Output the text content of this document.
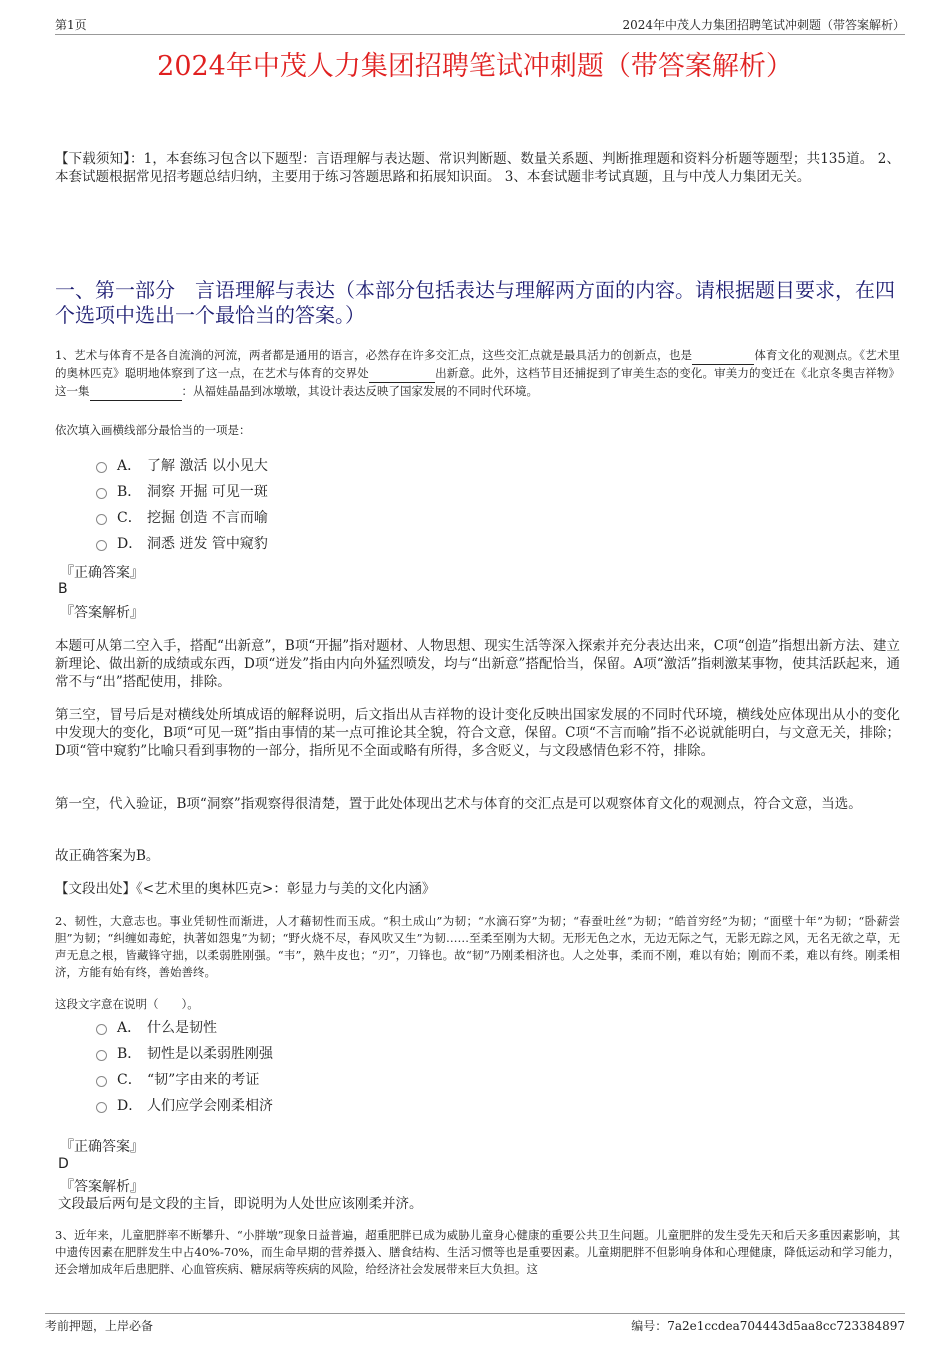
第1页	2024年中茂人力集团招聘笔试冲刺题（带答案解析）
2024年中茂人力集团招聘笔试冲刺题（带答案解析）
【下载须知】：1，本套练习包含以下题型：言语理解与表达题、常识判断题、数量关系题、判断推理题和资料分析题等题型；共135道。 2、本套试题根据常见招考题总结归纳，主要用于练习答题思路和拓展知识面。 3、本套试题非考试真题，且与中茂人力集团无关。
一、第一部分　言语理解与表达（本部分包括表达与理解两方面的内容。请根据题目要求，在四个选项中选出一个最恰当的答案。）
1、艺术与体育不是各自流淌的河流，两者都是通用的语言，必然存在许多交汇点，这些交汇点就是最具活力的创新点，也是	体育文化的观测点。《艺术里的奥林匹克》聪明地体察到了这一点，在艺术与体育的交界处	出新意。此外，这档节目还捕捉到了审美生态的变化。审美力的变迁在《北京冬奥吉祥物》这一集	：从福娃晶晶到冰墩墩，其设计表达反映了国家发展的不同时代环境。
依次填入画横线部分最恰当的一项是：
A． 了解 激活 以小见大
B． 洞察 开掘 可见一斑
C． 挖掘 创造 不言而喻
D． 洞悉 迸发 管中窥豹
『正确答案』
B
『答案解析』
本题可从第二空入手，搭配“出新意”，B项“开掘”指对题材、人物思想、现实生活等深入探索并充分表达出来，C项“创造”指想出新方法、建立新理论、做出新的成绩或东西，D项“迸发”指由内向外猛烈喷发，均与“出新意”搭配恰当，保留。A项“激活”指刺激某事物，使其活跃起来，通常不与“出”搭配使用，排除。
第三空，冒号后是对横线处所填成语的解释说明，后文指出从吉祥物的设计变化反映出国家发展的不同时代环境，横线处应体现出从小的变化中发现大的变化，B项“可见一斑”指由事情的某一点可推论其全貌，符合文意，保留。C项“不言而喻”指不必说就能明白，与文意无关，排除；D项“管中窥豹”比喻只看到事物的一部分，指所见不全面或略有所得，多含贬义，与文段感情色彩不符，排除。
第一空，代入验证，B项“洞察”指观察得很清楚，置于此处体现出艺术与体育的交汇点是可以观察体育文化的观测点，符合文意，当选。
故正确答案为B。
【文段出处】《<艺术里的奥林匹克>：彰显力与美的文化内涵》
2、韧性，大意志也。事业凭韧性而渐进，人才藉韧性而玉成。“积土成山”为韧；“水滴石穿”为韧；“春蚕吐丝”为韧；“皓首穷经”为韧；“面壁十年”为韧；“卧薪尝胆”为韧；“纠缠如毒蛇，执著如怨鬼”为韧；“野火烧不尽，春风吹又生”为韧……至柔至刚为大韧。无形无色之水，无边无际之气，无影无踪之风，无名无欲之草，无声无息之根，皆藏锋守拙，以柔弱胜刚强。“韦”，熟牛皮也；“刃”，刀锋也。故“韧”乃刚柔相济也。人之处事，柔而不刚，难以有始；刚而不柔，难以有终。刚柔相济，方能有始有终，善始善终。
这段文字意在说明（　　）。
A． 什么是韧性
B． 韧性是以柔弱胜刚强
C． “韧”字由来的考证
D． 人们应学会刚柔相济
『正确答案』
D
『答案解析』
文段最后两句是文段的主旨，即说明为人处世应该刚柔并济。
3、近年来，儿童肥胖率不断攀升、“小胖墩”现象日益普遍，超重肥胖已成为威胁儿童身心健康的重要公共卫生问题。儿童肥胖的发生受先天和后天多重因素影响，其中遗传因素在肥胖发生中占40%-70%，而生命早期的营养摄入、膳食结构、生活习惯等也是重要因素。儿童期肥胖不但影响身体和心理健康，降低运动和学习能力，还会增加成年后患肥胖、心血管疾病、糖尿病等疾病的风险，给经济社会发展带来巨大负担。这
考前押题，上岸必备	编号：7a2e1ccdea704443d5aa8cc723384897
